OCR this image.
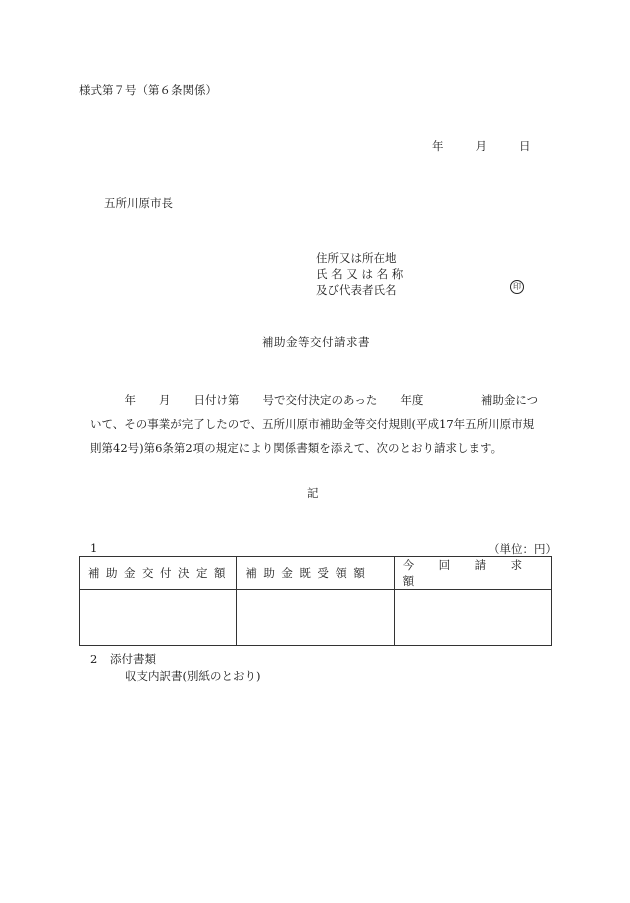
様式第７号（第６条関係）
年	月	日
五所川原市長
住所又は所在地
氏 名 又 は 名 称
及び代表者氏名	印
補助金等交付請求書
　　　年　　月　　日付け第　　号で交付決定のあった　　年度　　　　　補助金につ
いて、その事業が完了したので、五所川原市補助金等交付規則(平成17年五所川原市規
則第42号)第6条第2項の規定により関係書類を添えて、次のとおり請求します。
記
1	（単位：円）
補助金交付決定額	補助金既受領額	今　回　請　求　額

2 添付書類
収支内訳書(別紙のとおり)
